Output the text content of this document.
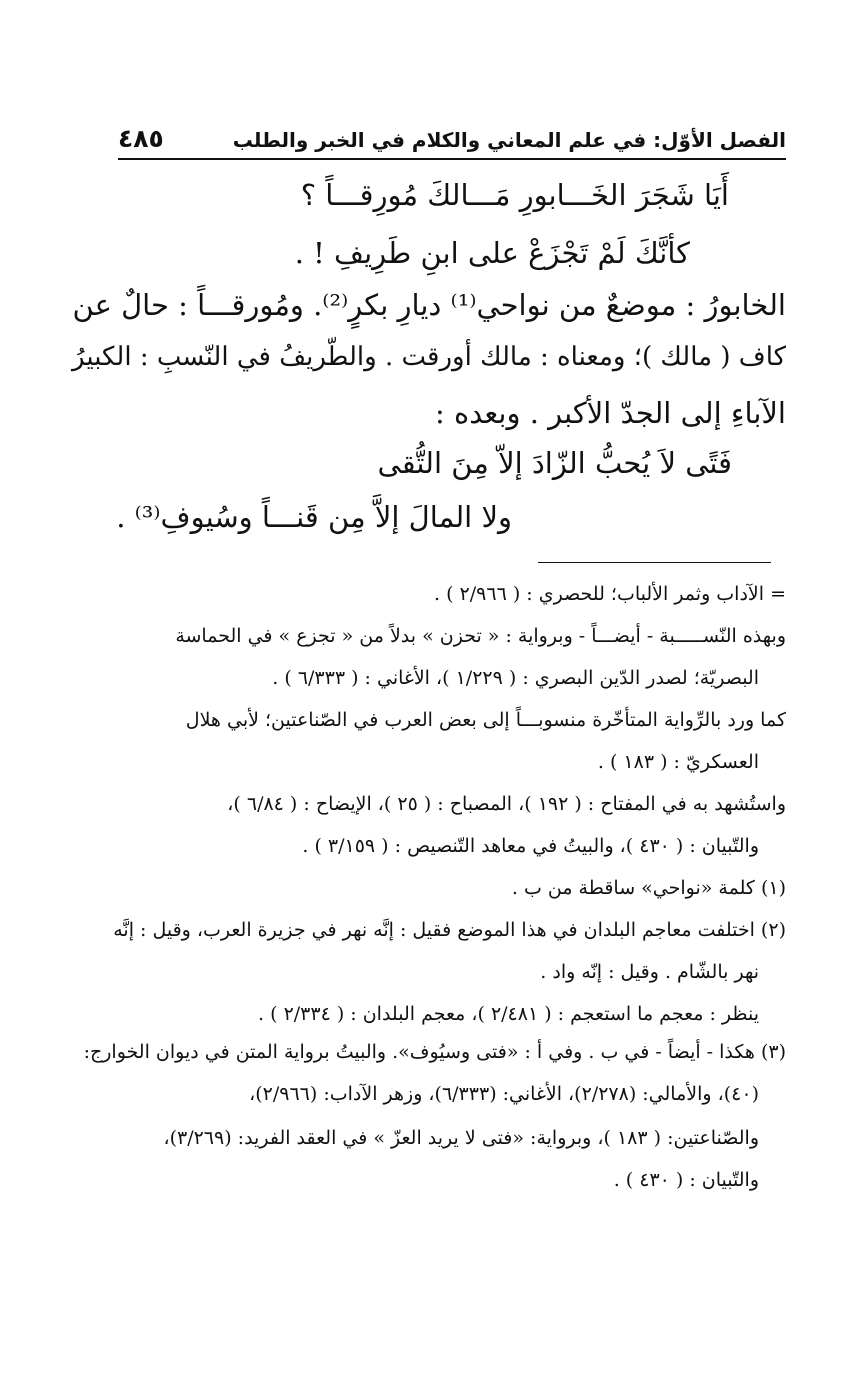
الفصل الأوّل: في علم المعاني والكلام في الخبر والطلب
٤٨٥
أَيَا شَجَرَ الخَـــابورِ مَـــالكَ مُورِقـــاً ؟
كأنَّكَ لَمْ تَجْزَعْ على ابنِ طَرِيفِ ! .
الخابورُ : موضعٌ من نواحي⁽¹⁾ ديارِ بكرٍ⁽²⁾. ومُورقـــاً : حالٌ عن
كاف ( مالك )؛ ومعناه : مالك أورقت . والطّريفُ في النّسبِ : الكبيرُ
الآباءِ إلى الجدّ الأكبر . وبعده :
فَتًى لاَ يُحبُّ الزّادَ إلاّ مِنَ التُّقى
ولا المالَ إلاَّ مِن قَنـــاً وسُيوفِ⁽³⁾ .
= الآداب وثمر الألباب؛ للحصري : ( ٢/٩٦٦ ) .
وبهذه النّســـــبة - أيضـــاً - وبرواية : « تحزن » بدلاً من « تجزع » في الحماسة
البصريّة؛ لصدر الدّين البصري : ( ١/٢٢٩ )، الأغاني : ( ٦/٣٣٣ ) .
كما ورد بالرِّواية المتأخّرة منسوبـــاً إلى بعض العرب في الصّناعتين؛ لأبي هلال
العسكريّ : ( ١٨٣ ) .
واستُشهد به في المفتاح : ( ١٩٢ )، المصباح : ( ٢٥ )، الإيضاح : ( ٦/٨٤ )،
والتّبيان : ( ٤٣٠ )، والبيتُ في معاهد التّنصيص : ( ٣/١٥٩ ) .
(١) كلمة «نواحي» ساقطة من ب .
(٢) اختلفت معاجم البلدان في هذا الموضع فقيل : إنَّه نهر في جزيرة العرب، وقيل : إنَّه
نهر بالشّام . وقيل : إنّه واد .
ينظر : معجم ما استعجم : ( ٢/٤٨١ )، معجم البلدان : ( ٢/٣٣٤ ) .
(٣) هكذا - أيضاً - في ب . وفي أ : «فتى وسيُوف». والبيتُ برواية المتن في ديوان الخوارج:
(٤٠)، والأمالي: (٢/٢٧٨)، الأغاني: (٦/٣٣٣)، وزهر الآداب: (٢/٩٦٦)،
والصّناعتين: ( ١٨٣ )، وبرواية: «فتى لا يريد العزّ » في العقد الفريد: (٣/٢٦٩)،
والتّبيان : ( ٤٣٠ ) .
